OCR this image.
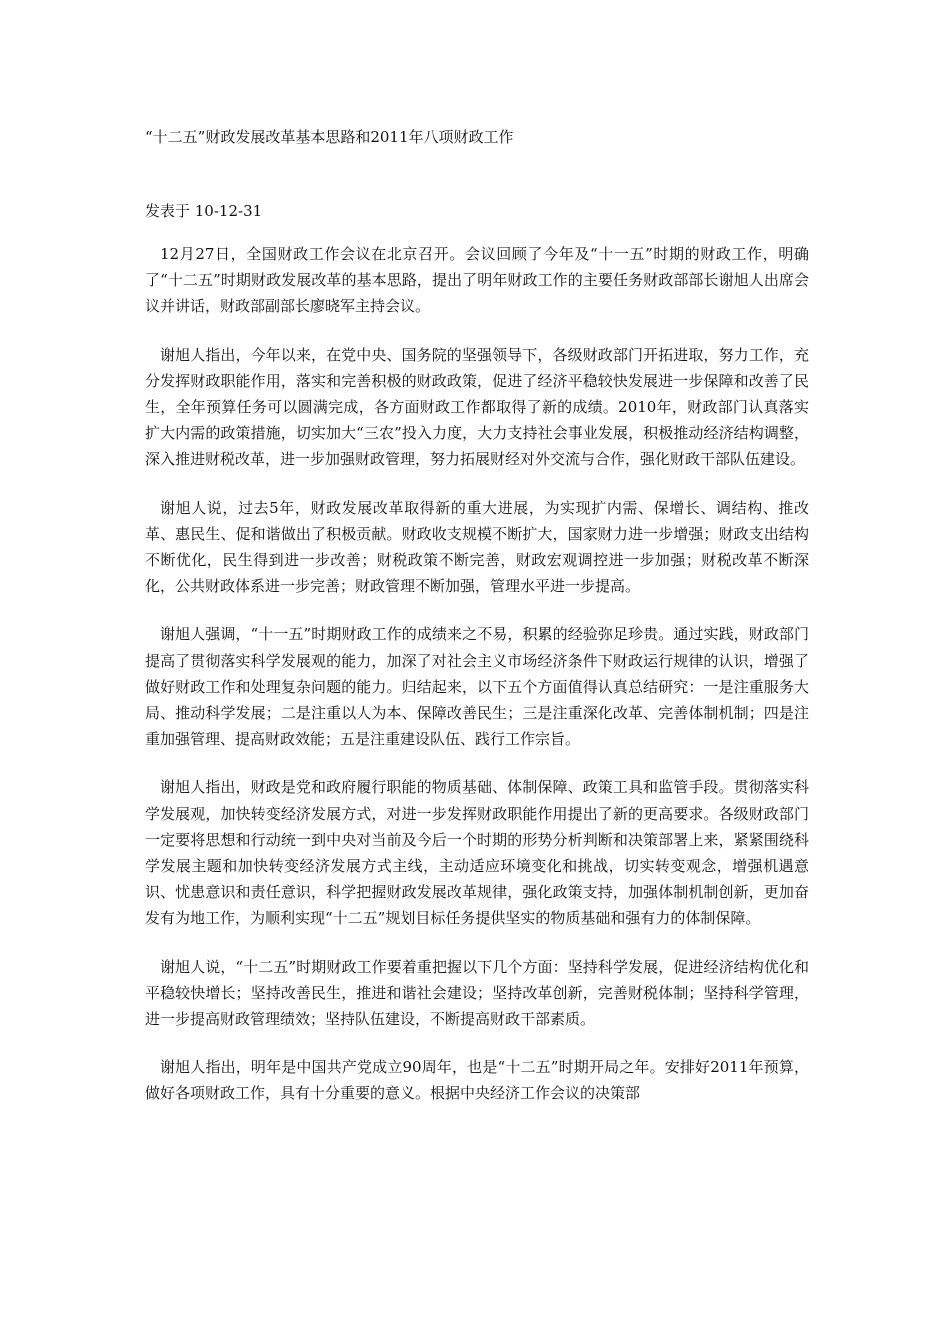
“十二五”财政发展改革基本思路和2011年八项财政工作

发表于 10-12-31

12月27日，全国财政工作会议在北京召开。会议回顾了今年及“十一五”时期的财政工作，明确了“十二五”时期财政发展改革的基本思路，提出了明年财政工作的主要任务财政部部长谢旭人出席会议并讲话，财政部副部长廖晓军主持会议。

谢旭人指出，今年以来，在党中央、国务院的坚强领导下，各级财政部门开拓进取，努力工作，充分发挥财政职能作用，落实和完善积极的财政政策，促进了经济平稳较快发展进一步保障和改善了民生，全年预算任务可以圆满完成，各方面财政工作都取得了新的成绩。2010年，财政部门认真落实扩大内需的政策措施，切实加大“三农”投入力度，大力支持社会事业发展，积极推动经济结构调整，深入推进财税改革，进一步加强财政管理，努力拓展财经对外交流与合作，强化财政干部队伍建设。

谢旭人说，过去5年，财政发展改革取得新的重大进展，为实现扩内需、保增长、调结构、推改革、惠民生、促和谐做出了积极贡献。财政收支规模不断扩大，国家财力进一步增强；财政支出结构不断优化，民生得到进一步改善；财税政策不断完善，财政宏观调控进一步加强；财税改革不断深化，公共财政体系进一步完善；财政管理不断加强，管理水平进一步提高。

谢旭人强调，“十一五”时期财政工作的成绩来之不易，积累的经验弥足珍贵。通过实践，财政部门提高了贯彻落实科学发展观的能力，加深了对社会主义市场经济条件下财政运行规律的认识，增强了做好财政工作和处理复杂问题的能力。归结起来，以下五个方面值得认真总结研究：一是注重服务大局、推动科学发展；二是注重以人为本、保障改善民生；三是注重深化改革、完善体制机制；四是注重加强管理、提高财政效能；五是注重建设队伍、践行工作宗旨。

谢旭人指出，财政是党和政府履行职能的物质基础、体制保障、政策工具和监管手段。贯彻落实科学发展观，加快转变经济发展方式，对进一步发挥财政职能作用提出了新的更高要求。各级财政部门一定要将思想和行动统一到中央对当前及今后一个时期的形势分析判断和决策部署上来，紧紧围绕科学发展主题和加快转变经济发展方式主线，主动适应环境变化和挑战，切实转变观念，增强机遇意识、忧患意识和责任意识，科学把握财政发展改革规律，强化政策支持，加强体制机制创新，更加奋发有为地工作，为顺利实现“十二五”规划目标任务提供坚实的物质基础和强有力的体制保障。

谢旭人说，“十二五”时期财政工作要着重把握以下几个方面：坚持科学发展，促进经济结构优化和平稳较快增长；坚持改善民生，推进和谐社会建设；坚持改革创新，完善财税体制；坚持科学管理，进一步提高财政管理绩效；坚持队伍建设，不断提高财政干部素质。

谢旭人指出，明年是中国共产党成立90周年，也是“十二五”时期开局之年。安排好2011年预算，做好各项财政工作，具有十分重要的意义。根据中央经济工作会议的决策部
